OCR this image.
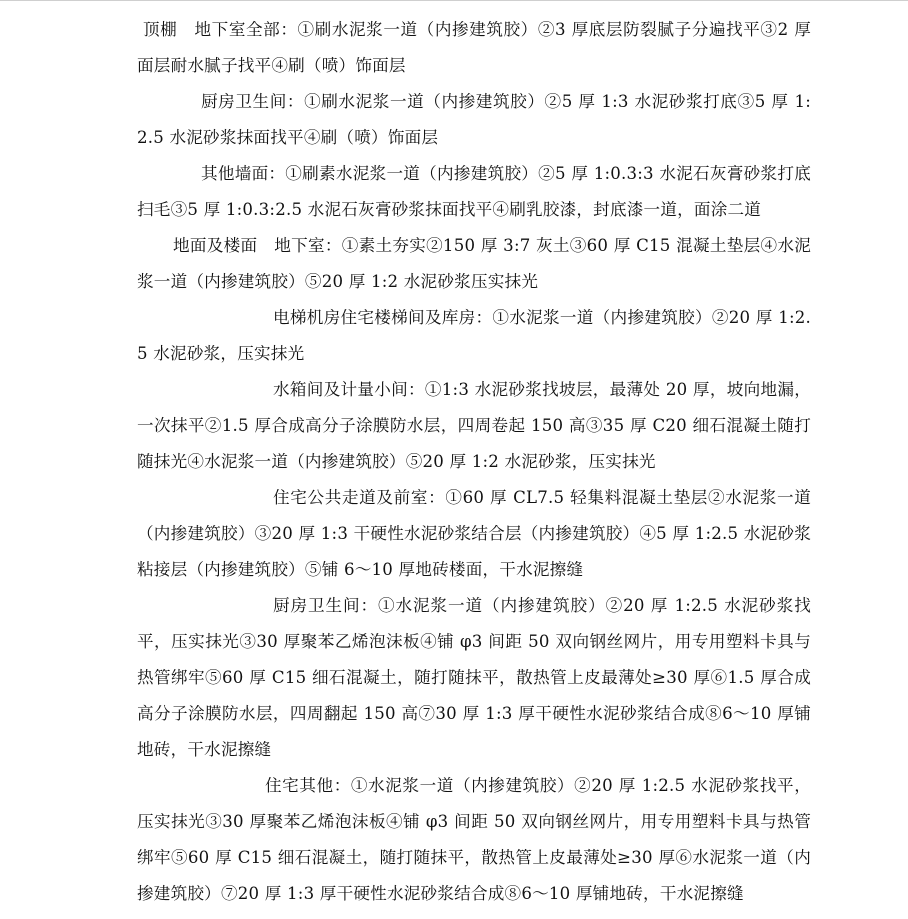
顶棚　地下室全部：①刷水泥浆一道（内掺建筑胶）②3 厚底层防裂腻子分遍找平③2 厚面层耐水腻子找平④刷（喷）饰面层

厨房卫生间：①刷水泥浆一道（内掺建筑胶）②5 厚 1:3 水泥砂浆打底③5 厚 1:2.5 水泥砂浆抹面找平④刷（喷）饰面层

其他墙面：①刷素水泥浆一道（内掺建筑胶）②5 厚 1:0.3:3 水泥石灰膏砂浆打底扫毛③5 厚 1:0.3:2.5 水泥石灰膏砂浆抹面找平④刷乳胶漆，封底漆一道，面涂二道

地面及楼面　地下室：①素土夯实②150 厚 3:7 灰土③60 厚 C15 混凝土垫层④水泥浆一道（内掺建筑胶）⑤20 厚 1:2 水泥砂浆压实抹光

电梯机房住宅楼梯间及库房：①水泥浆一道（内掺建筑胶）②20 厚 1:2.5 水泥砂浆，压实抹光

水箱间及计量小间：①1:3 水泥砂浆找坡层，最薄处 20 厚，坡向地漏，一次抹平②1.5 厚合成高分子涂膜防水层，四周卷起 150 高③35 厚 C20 细石混凝土随打随抹光④水泥浆一道（内掺建筑胶）⑤20 厚 1:2 水泥砂浆，压实抹光

住宅公共走道及前室：①60 厚 CL7.5 轻集料混凝土垫层②水泥浆一道（内掺建筑胶）③20 厚 1:3 干硬性水泥砂浆结合层（内掺建筑胶）④5 厚 1:2.5 水泥砂浆粘接层（内掺建筑胶）⑤铺 6～10 厚地砖楼面，干水泥擦缝

厨房卫生间：①水泥浆一道（内掺建筑胶）②20 厚 1:2.5 水泥砂浆找平，压实抹光③30 厚聚苯乙烯泡沫板④铺 φ3 间距 50 双向钢丝网片，用专用塑料卡具与热管绑牢⑤60 厚 C15 细石混凝土，随打随抹平，散热管上皮最薄处≥30 厚⑥1.5 厚合成高分子涂膜防水层，四周翻起 150 高⑦30 厚 1:3 厚干硬性水泥砂浆结合成⑧6～10 厚铺地砖，干水泥擦缝

住宅其他：①水泥浆一道（内掺建筑胶）②20 厚 1:2.5 水泥砂浆找平，压实抹光③30 厚聚苯乙烯泡沫板④铺 φ3 间距 50 双向钢丝网片，用专用塑料卡具与热管绑牢⑤60 厚 C15 细石混凝土，随打随抹平，散热管上皮最薄处≥30 厚⑥水泥浆一道（内掺建筑胶）⑦20 厚 1:3 厚干硬性水泥砂浆结合成⑧6～10 厚铺地砖，干水泥擦缝
